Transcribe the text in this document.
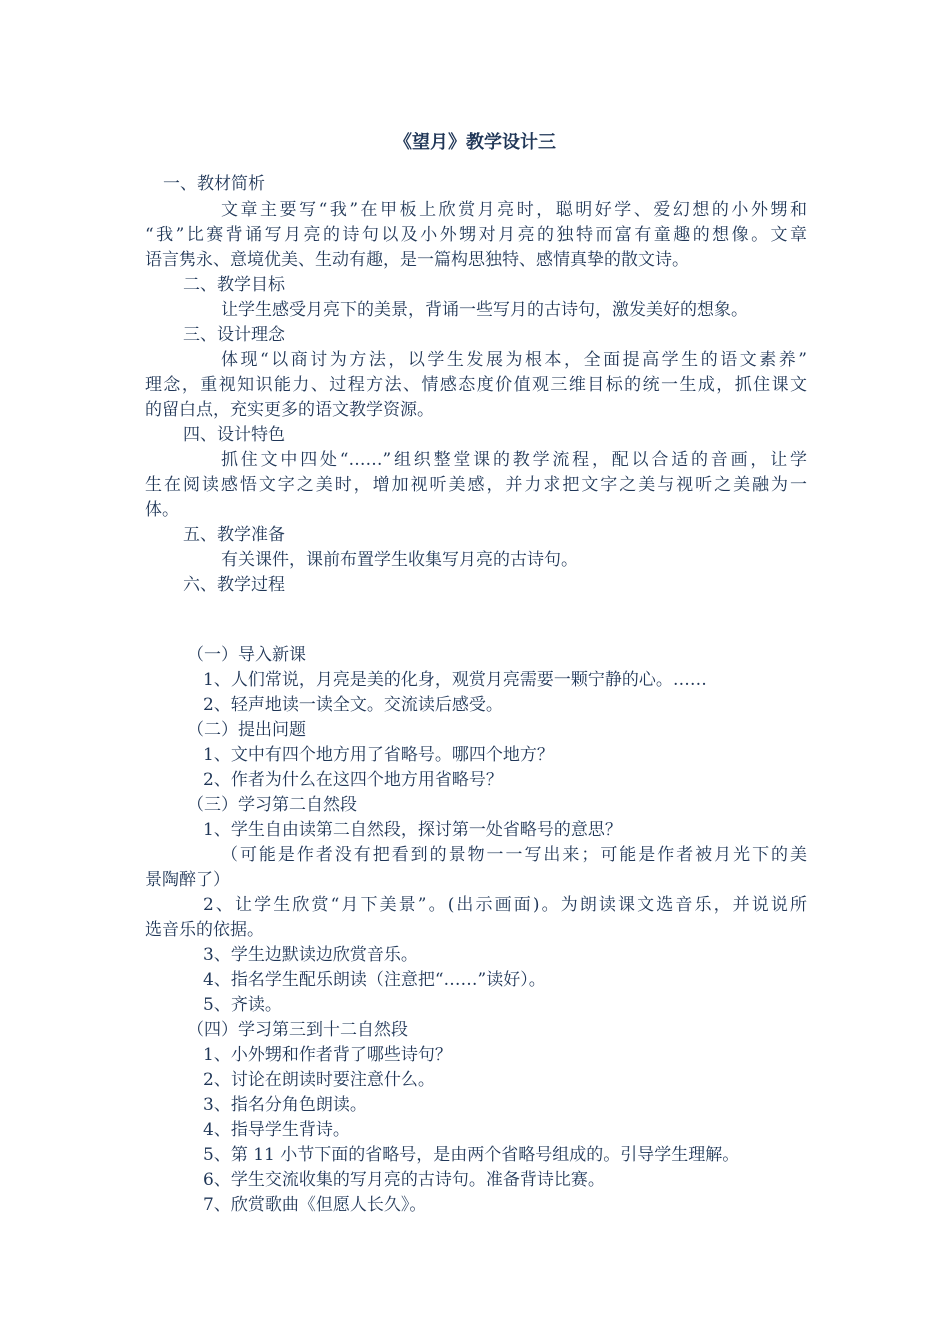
《望月》教学设计三
一、教材简析
文章主要写“我”在甲板上欣赏月亮时，聪明好学、爱幻想的小外甥和
“我”比赛背诵写月亮的诗句以及小外甥对月亮的独特而富有童趣的想像。文章
语言隽永、意境优美、生动有趣，是一篇构思独特、感情真挚的散文诗。
二、教学目标
让学生感受月亮下的美景，背诵一些写月的古诗句，激发美好的想象。
三、设计理念
体现“以商讨为方法，以学生发展为根本，全面提高学生的语文素养”
理念，重视知识能力、过程方法、情感态度价值观三维目标的统一生成，抓住课文
的留白点，充实更多的语文教学资源。
四、设计特色
抓住文中四处“……”组织整堂课的教学流程，配以合适的音画，让学
生在阅读感悟文字之美时，增加视听美感，并力求把文字之美与视听之美融为一
体。
五、教学准备
有关课件，课前布置学生收集写月亮的古诗句。
六、教学过程
（一）导入新课
1、人们常说，月亮是美的化身，观赏月亮需要一颗宁静的心。……
2、轻声地读一读全文。交流读后感受。
（二）提出问题
1、文中有四个地方用了省略号。哪四个地方？
2、作者为什么在这四个地方用省略号？
（三）学习第二自然段
1、学生自由读第二自然段，探讨第一处省略号的意思？
（可能是作者没有把看到的景物一一写出来；可能是作者被月光下的美
景陶醉了）
2、让学生欣赏“月下美景”。(出示画面)。为朗读课文选音乐，并说说所
选音乐的依据。
3、学生边默读边欣赏音乐。
4、指名学生配乐朗读（注意把“……”读好）。
5、齐读。
（四）学习第三到十二自然段
1、小外甥和作者背了哪些诗句？
2、讨论在朗读时要注意什么。
3、指名分角色朗读。
4、指导学生背诗。
5、第 11 小节下面的省略号，是由两个省略号组成的。引导学生理解。
6、学生交流收集的写月亮的古诗句。准备背诗比赛。
7、欣赏歌曲《但愿人长久》。
